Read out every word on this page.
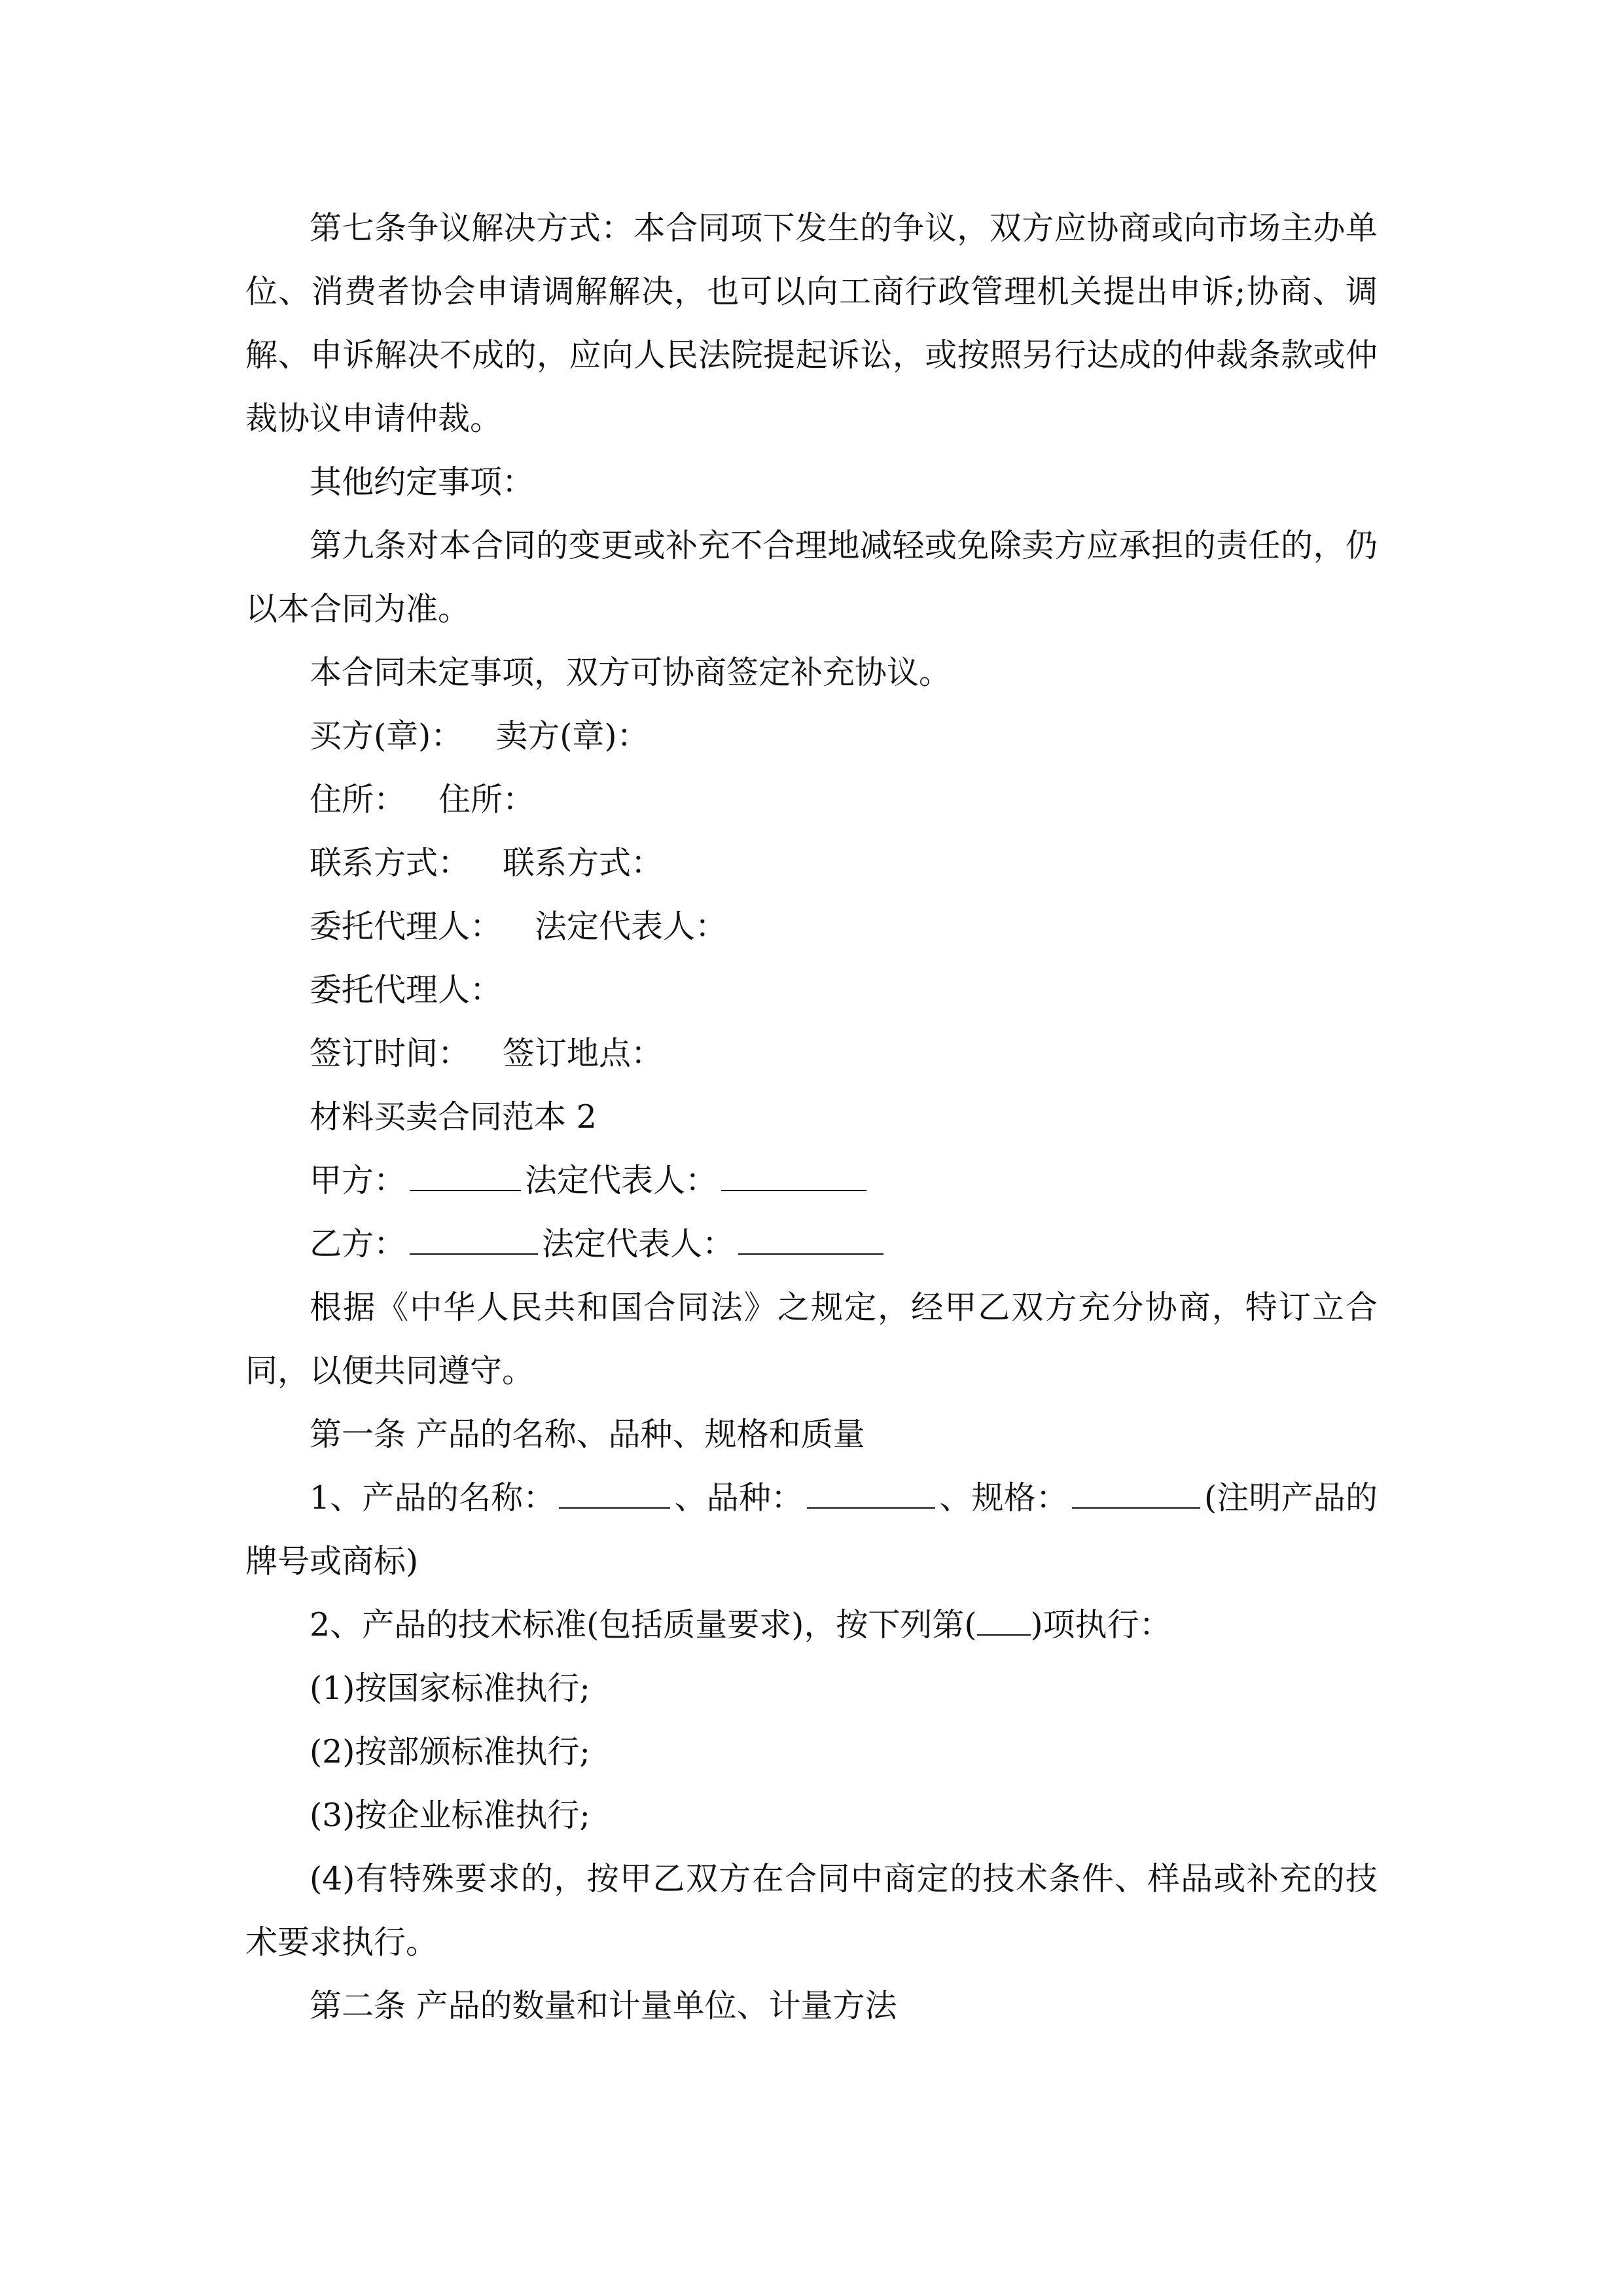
第七条争议解决方式：本合同项下发生的争议，双方应协商或向市场主办单位、消费者协会申请调解解决，也可以向工商行政管理机关提出申诉;协商、调解、申诉解决不成的，应向人民法院提起诉讼，或按照另行达成的仲裁条款或仲裁协议申请仲裁。

其他约定事项：

第九条对本合同的变更或补充不合理地减轻或免除卖方应承担的责任的，仍以本合同为准。

本合同未定事项，双方可协商签定补充协议。

买方(章)： 卖方(章)：

住所： 住所：

联系方式： 联系方式：

委托代理人： 法定代表人：

委托代理人：

签订时间： 签订地点：

材料买卖合同范本 2

甲方：	法定代表人：

乙方：	法定代表人：

根据《中华人民共和国合同法》之规定，经甲乙双方充分协商，特订立合同，以便共同遵守。

第一条 产品的名称、品种、规格和质量

1、产品的名称：	、品种：	、规格：	(注明产品的牌号或商标)

2、产品的技术标准(包括质量要求)，按下列第( )项执行：

(1)按国家标准执行;

(2)按部颁标准执行;

(3)按企业标准执行;

(4)有特殊要求的，按甲乙双方在合同中商定的技术条件、样品或补充的技术要求执行。

第二条 产品的数量和计量单位、计量方法
